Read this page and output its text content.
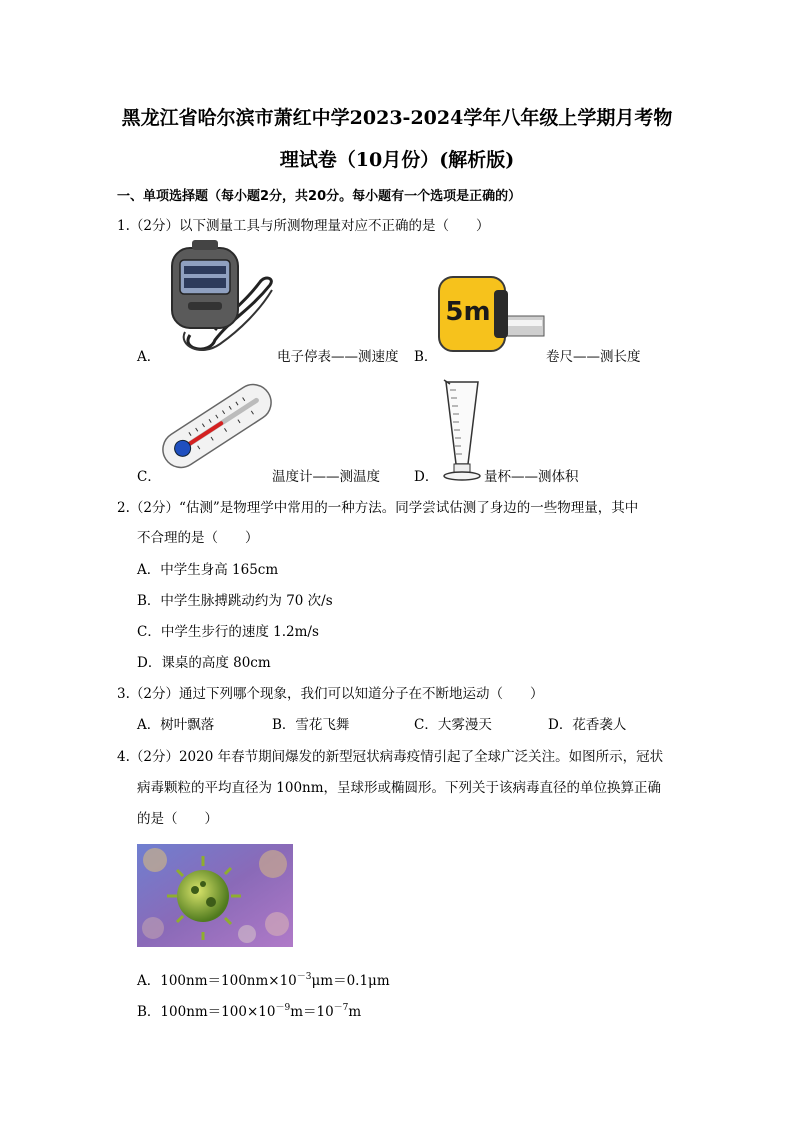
黑龙江省哈尔滨市萧红中学2023-2024学年八年级上学期月考物
理试卷（10月份）(解析版)
一、单项选择题（每小题2分，共20分。每小题有一个选项是正确的）
1.（2分）以下测量工具与所测物理量对应不正确的是（　　）
A．	电子停表——测速度
5m
B．	卷尺——测长度
C．	温度计——测温度	D．	量杯——测体积
2.（2分）“估测”是物理学中常用的一种方法。同学尝试估测了身边的一些物理量，其中
不合理的是（　　）
A．中学生身高 165cm
B．中学生脉搏跳动约为 70 次/s
C．中学生步行的速度 1.2m/s
D．课桌的高度 80cm
3.（2分）通过下列哪个现象，我们可以知道分子在不断地运动（　　）
A．树叶飘落	B．雪花飞舞	C．大雾漫天	D．花香袭人
4.（2分）2020 年春节期间爆发的新型冠状病毒疫情引起了全球广泛关注。如图所示，冠状
病毒颗粒的平均直径为 100nm，呈球形或椭圆形。下列关于该病毒直径的单位换算正确
的是（　　）
A．$100nm=100nm\times 10^{-3}\mu m=0.1\mu m$
B．$100nm=100\times 10^{-9}m=10^{-7}m$
